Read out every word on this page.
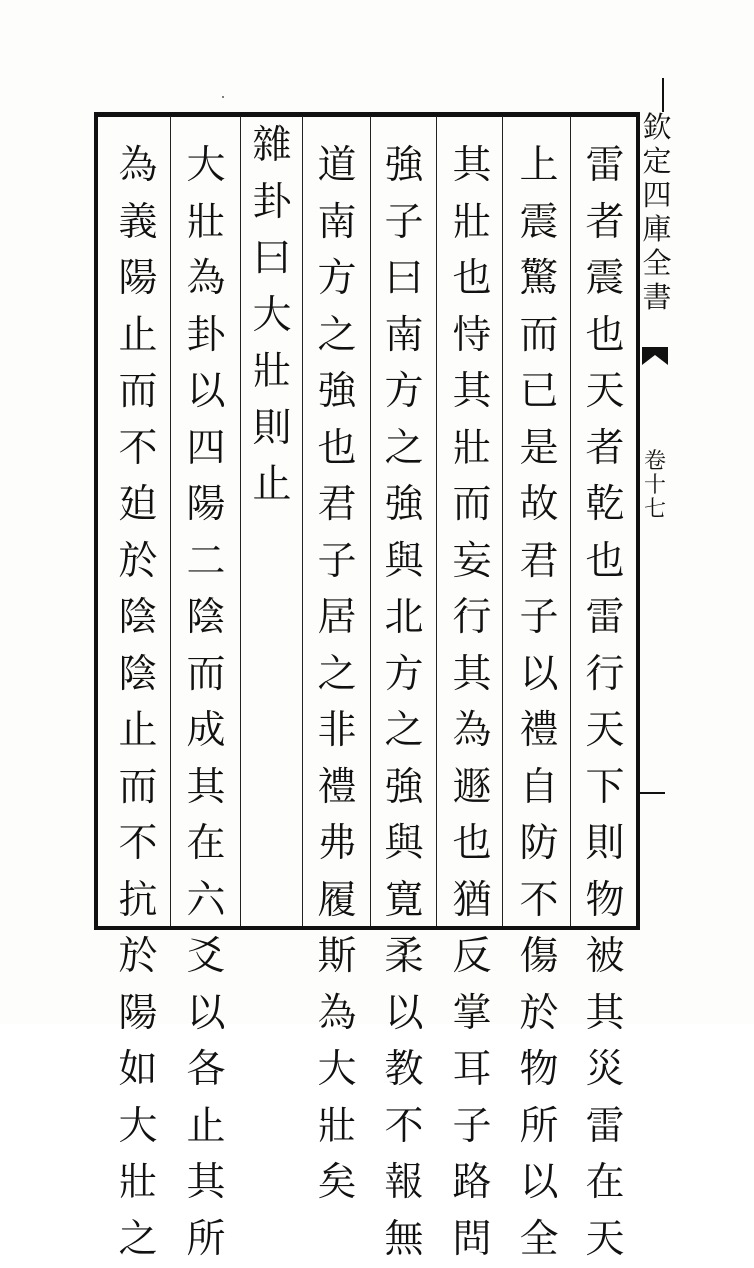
雷者震也天者乾也雷行天下則物被其災雷在天
上震驚而已是故君子以禮自防不傷於物所以全
其壯也恃其壯而妄行其為遯也猶反掌耳子路問
強子曰南方之強與北方之強與寛柔以教不報無
道南方之強也君子居之非禮弗履斯為大壯矣
雜卦曰大壯則止
大壯為卦以四陽二陰而成其在六爻以各止其所
為義陽止而不廹於陰陰止而不抗於陽如大壯之
欽定四庫全書
卷十七
